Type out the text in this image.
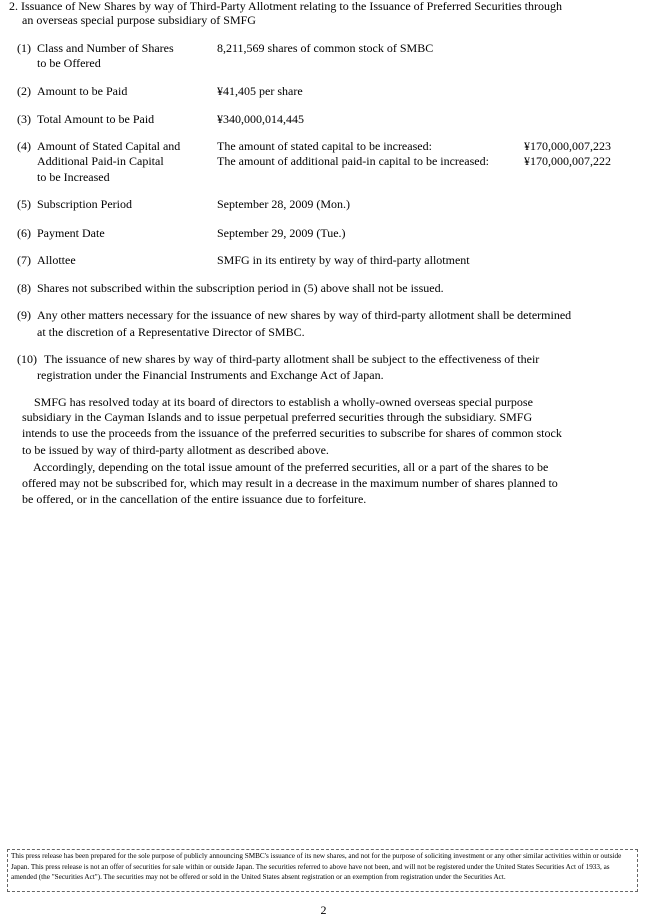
2. Issuance of New Shares by way of Third-Party Allotment relating to the Issuance of Preferred Securities through
an overseas special purpose subsidiary of SMFG
(1) Class and Number of Shares
to be Offered
8,211,569 shares of common stock of SMBC
(2) Amount to be Paid	¥41,405 per share
(3) Total Amount to be Paid	¥340,000,014,445
(4) Amount of Stated Capital and
Additional Paid-in Capital
to be Increased
The amount of stated capital to be increased:	¥170,000,007,223
The amount of additional paid-in capital to be increased:	¥170,000,007,222
(5) Subscription Period	September 28, 2009 (Mon.)
(6) Payment Date	September 29, 2009 (Tue.)
(7) Allottee	SMFG in its entirety by way of third-party allotment
(8) Shares not subscribed within the subscription period in (5) above shall not be issued.
(9) Any other matters necessary for the issuance of new shares by way of third-party allotment shall be determined
at the discretion of a Representative Director of SMBC.
(10) The issuance of new shares by way of third-party allotment shall be subject to the effectiveness of their
registration under the Financial Instruments and Exchange Act of Japan.
SMFG has resolved today at its board of directors to establish a wholly-owned overseas special purpose
subsidiary in the Cayman Islands and to issue perpetual preferred securities through the subsidiary. SMFG
intends to use the proceeds from the issuance of the preferred securities to subscribe for shares of common stock
to be issued by way of third-party allotment as described above.
Accordingly, depending on the total issue amount of the preferred securities, all or a part of the shares to be
offered may not be subscribed for, which may result in a decrease in the maximum number of shares planned to
be offered, or in the cancellation of the entire issuance due to forfeiture.
This press release has been prepared for the sole purpose of publicly announcing SMBC's issuance of its new shares, and not for the purpose of soliciting investment or any other similar activities within or outside Japan. This press release is not an offer of securities for sale within or outside Japan. The securities referred to above have not been, and will not be registered under the United States Securities Act of 1933, as amended (the "Securities Act"). The securities may not be offered or sold in the United States absent registration or an exemption from registration under the Securities Act.
2
